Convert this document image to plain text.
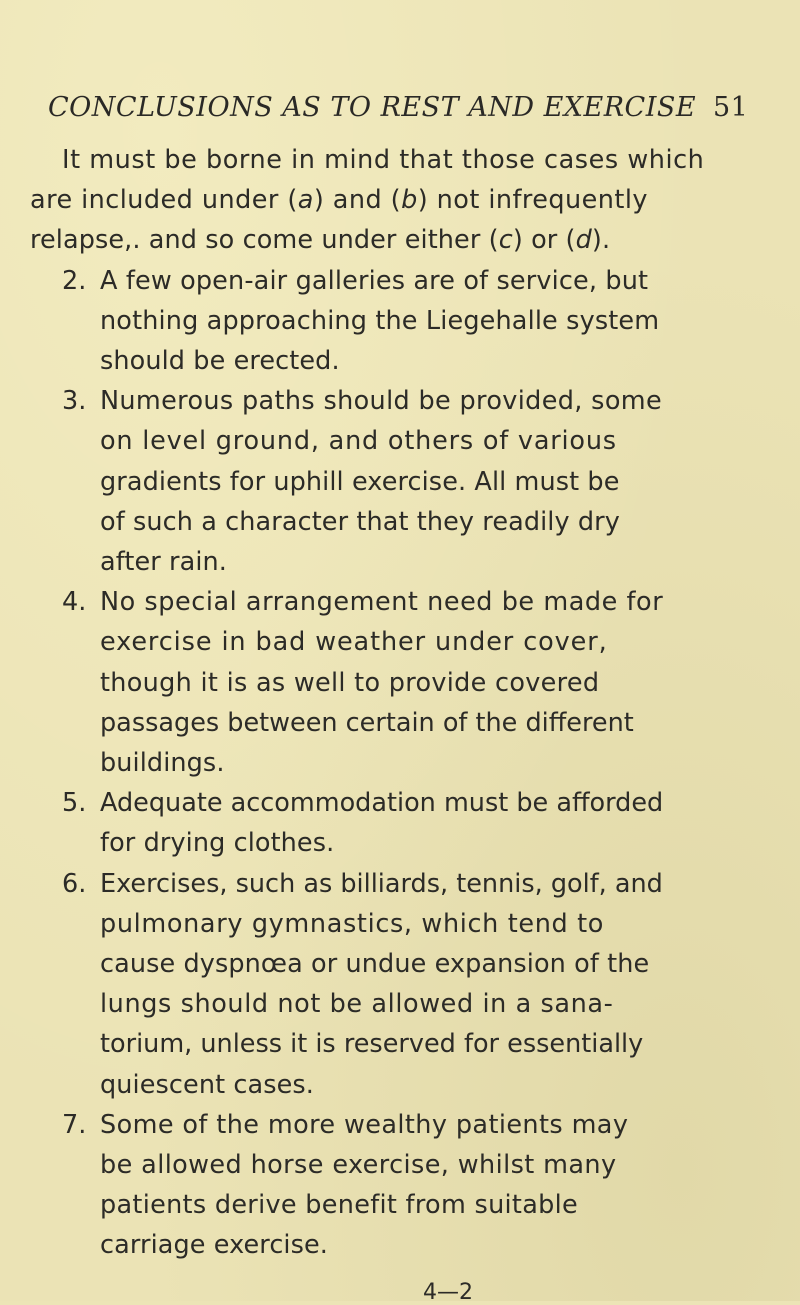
CONCLUSIONS AS TO REST AND EXERCISE 51
It must be borne in mind that those cases which
are included under (a) and (b) not infrequently
relapse,. and so come under either (c) or (d).
2. A few open-air galleries are of service, but
nothing approaching the Liegehalle system
should be erected.
3. Numerous paths should be provided, some
on level ground, and others of various
gradients for uphill exercise. All must be
of such a character that they readily dry
after rain.
4. No special arrangement need be made for
exercise in bad weather under cover,
though it is as well to provide covered
passages between certain of the different
buildings.
5. Adequate accommodation must be afforded
for drying clothes.
6. Exercises, such as billiards, tennis, golf, and
pulmonary gymnastics, which tend to
cause dyspnœa or undue expansion of the
lungs should not be allowed in a sana-
torium, unless it is reserved for essentially
quiescent cases.
7. Some of the more wealthy patients may
be allowed horse exercise, whilst many
patients derive benefit from suitable
carriage exercise.
4—2
